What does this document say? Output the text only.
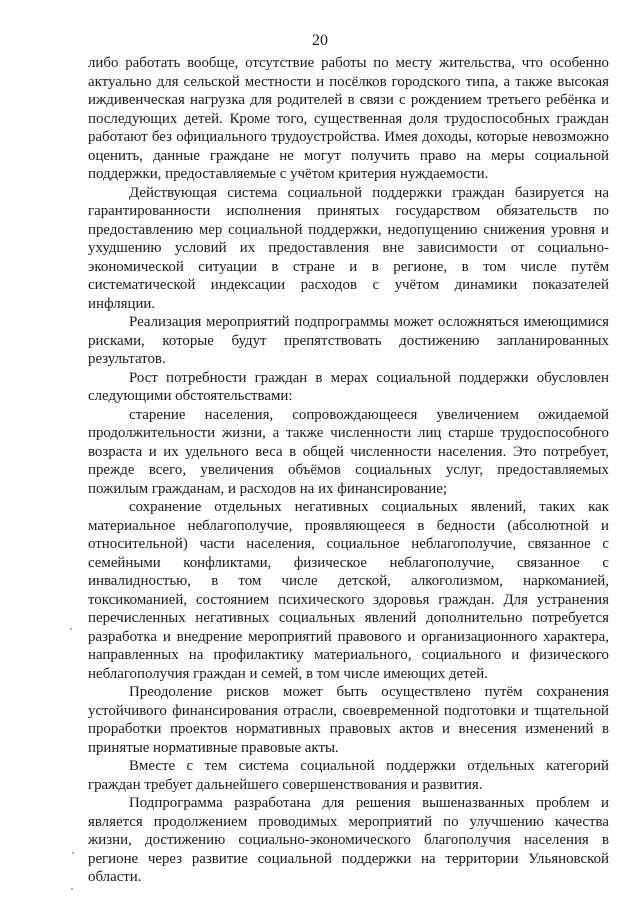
20

либо работать вообще, отсутствие работы по месту жительства, что особенно актуально для сельской местности и посёлков городского типа, а также высокая иждивенческая нагрузка для родителей в связи с рождением третьего ребёнка и последующих детей. Кроме того, существенная доля трудоспособных граждан работают без официального трудоустройства. Имея доходы, которые невозможно оценить, данные граждане не могут получить право на меры социальной поддержки, предоставляемые с учётом критерия нуждаемости.

Действующая система социальной поддержки граждан базируется на гарантированности исполнения принятых государством обязательств по предоставлению мер социальной поддержки, недопущению снижения уровня и ухудшению условий их предоставления вне зависимости от социально-экономической ситуации в стране и в регионе, в том числе путём систематической индексации расходов с учётом динамики показателей инфляции.

Реализация мероприятий подпрограммы может осложняться имеющимися рисками, которые будут препятствовать достижению запланированных результатов.

Рост потребности граждан в мерах социальной поддержки обусловлен следующими обстоятельствами:

старение населения, сопровождающееся увеличением ожидаемой продолжительности жизни, а также численности лиц старше трудоспособного возраста и их удельного веса в общей численности населения. Это потребует, прежде всего, увеличения объёмов социальных услуг, предоставляемых пожилым гражданам, и расходов на их финансирование;

сохранение отдельных негативных социальных явлений, таких как материальное неблагополучие, проявляющееся в бедности (абсолютной и относительной) части населения, социальное неблагополучие, связанное с семейными конфликтами, физическое неблагополучие, связанное с инвалидностью, в том числе детской, алкоголизмом, наркоманией, токсикоманией, состоянием психического здоровья граждан. Для устранения перечисленных негативных социальных явлений дополнительно потребуется разработка и внедрение мероприятий правового и организационного характера, направленных на профилактику материального, социального и физического неблагополучия граждан и семей, в том числе имеющих детей.

Преодоление рисков может быть осуществлено путём сохранения устойчивого финансирования отрасли, своевременной подготовки и тщательной проработки проектов нормативных правовых актов и внесения изменений в принятые нормативные правовые акты.

Вместе с тем система социальной поддержки отдельных категорий граждан требует дальнейшего совершенствования и развития.

Подпрограмма разработана для решения вышеназванных проблем и является продолжением проводимых мероприятий по улучшению качества жизни, достижению социально-экономического благополучия населения в регионе через развитие социальной поддержки на территории Ульяновской области.
